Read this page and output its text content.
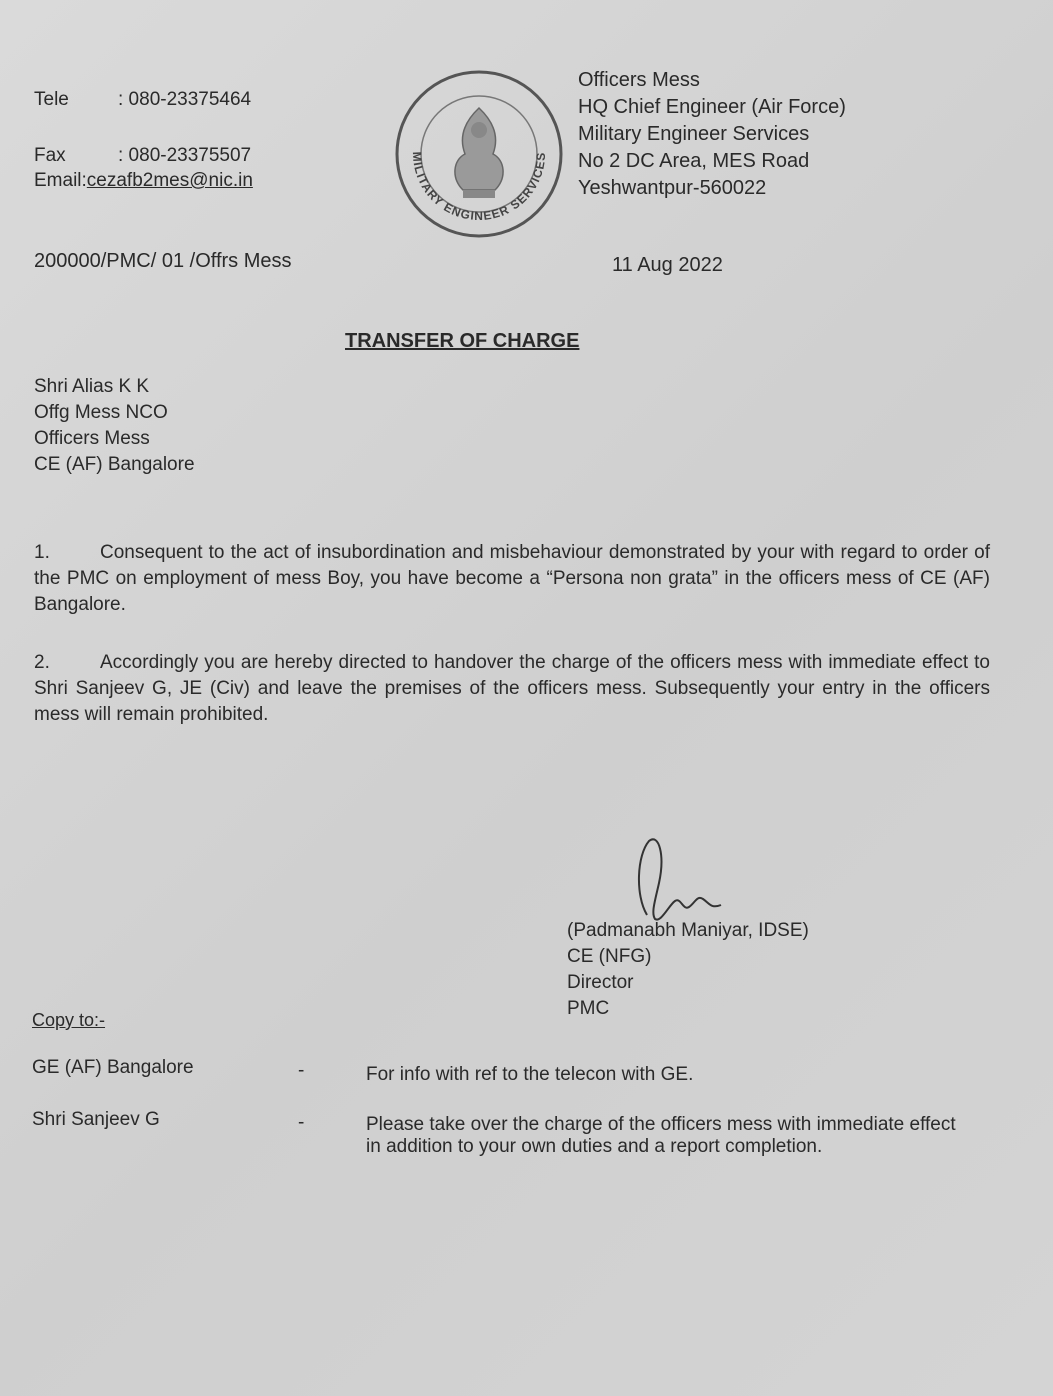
Tele	: 080-23375464
Fax	: 080-23375507
Email:cezafb2mes@nic.in
MILITARY ENGINEER SERVICES
Officers Mess
HQ Chief Engineer (Air Force)
Military Engineer Services
No 2 DC Area, MES Road
Yeshwantpur-560022
200000/PMC/ 01 /Offrs Mess	11 Aug 2022
TRANSFER OF CHARGE
Shri Alias K K
Offg Mess NCO
Officers Mess
CE (AF) Bangalore
1.	Consequent to the act of insubordination and misbehaviour demonstrated by your with regard to order of the PMC on employment of mess Boy, you have become a “Persona non grata” in the officers mess of CE (AF) Bangalore.
2.	Accordingly you are hereby directed to handover the charge of the officers mess with immediate effect to Shri Sanjeev G, JE (Civ) and leave the premises of the officers mess. Subsequently your entry in the officers mess will remain prohibited.
(Padmanabh Maniyar, IDSE)
CE (NFG)
Director
PMC
Copy to:-
GE (AF) Bangalore	-	For info with ref to the telecon with GE.
Shri Sanjeev G	-	Please take over the charge of the officers mess with immediate effect in addition to your own duties and a report completion.
